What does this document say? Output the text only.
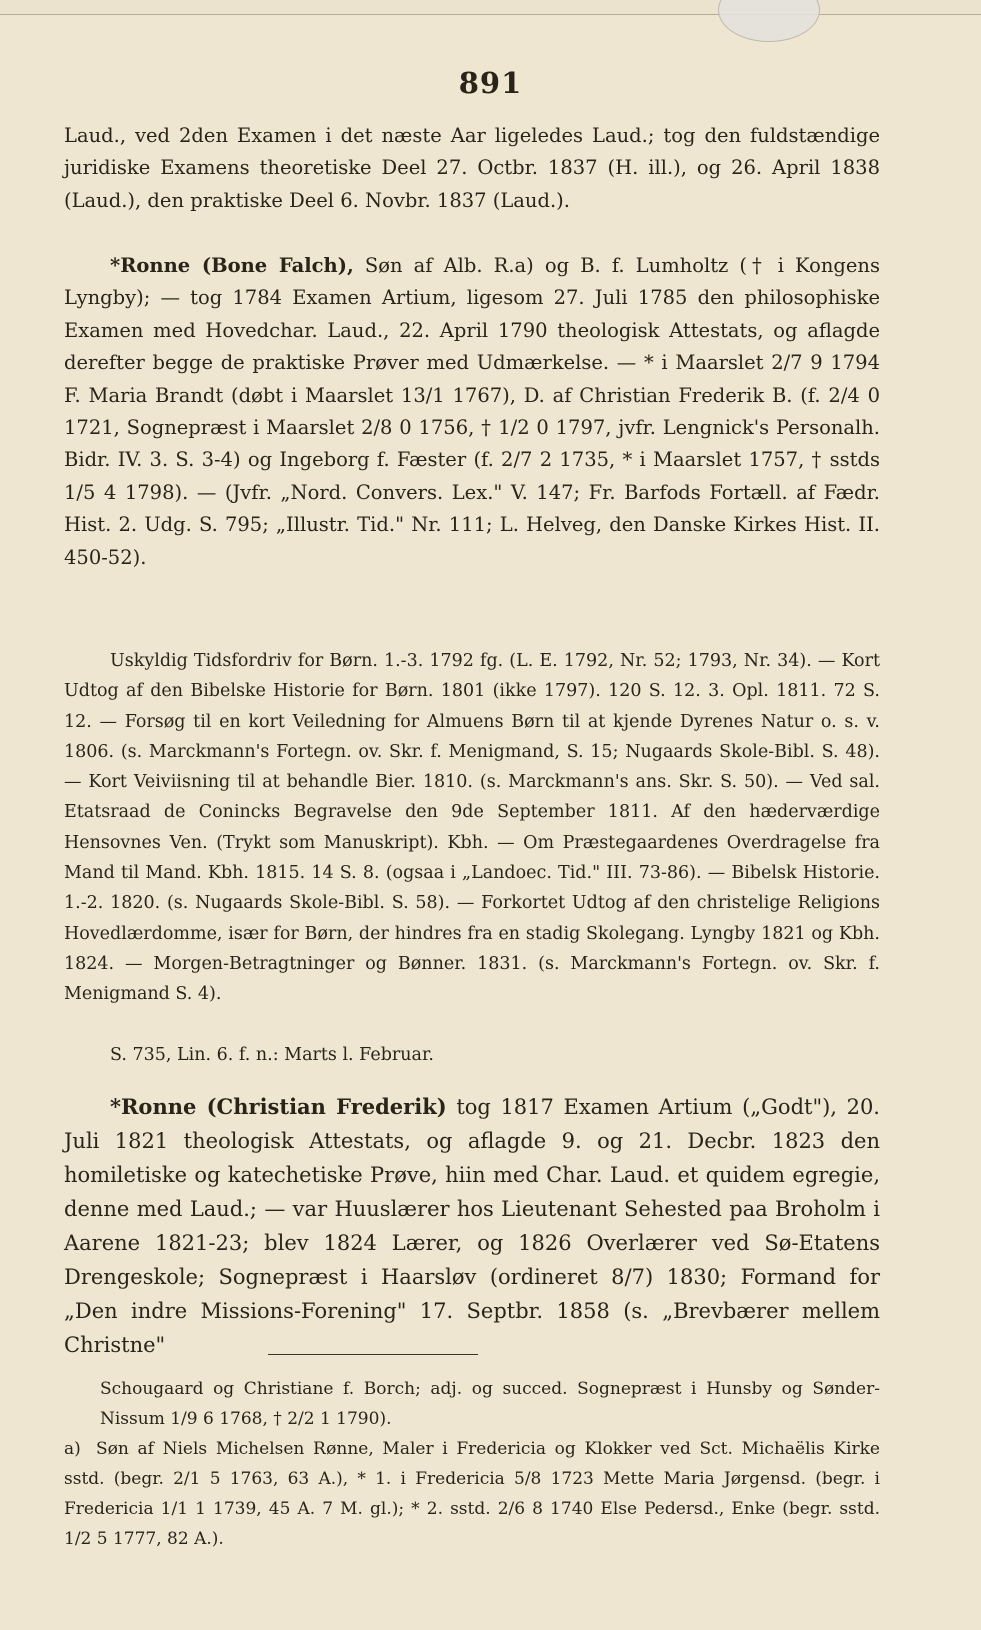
891

Laud., ved 2den Examen i det næste Aar ligeledes Laud.; tog den fuldstændige juridiske Examens theoretiske Deel 27. Octbr. 1837 (H. ill.), og 26. April 1838 (Laud.), den praktiske Deel 6. Novbr. 1837 (Laud.).

*Ronne (Bone Falch), Søn af Alb. R.a) og B. f. Lumholtz († i Kongens Lyngby); — tog 1784 Examen Artium, ligesom 27. Juli 1785 den philosophiske Examen med Hovedchar. Laud., 22. April 1790 theologisk Attestats, og aflagde derefter begge de praktiske Prøver med Udmærkelse. — * i Maarslet 2/7 9 1794 F. Maria Brandt (døbt i Maarslet 13/1 1767), D. af Christian Frederik B. (f. 2/4 0 1721, Sognepræst i Maarslet 2/8 0 1756, † 1/2 0 1797, jvfr. Lengnick's Personalh. Bidr. IV. 3. S. 3-4) og Ingeborg f. Fæster (f. 2/7 2 1735, * i Maarslet 1757, † sstds 1/5 4 1798). — (Jvfr. „Nord. Convers. Lex." V. 147; Fr. Barfods Fortæll. af Fædr. Hist. 2. Udg. S. 795; „Illustr. Tid." Nr. 111; L. Helveg, den Danske Kirkes Hist. II. 450-52).

Uskyldig Tidsfordriv for Børn. 1.-3. 1792 fg. (L. E. 1792, Nr. 52; 1793, Nr. 34). — Kort Udtog af den Bibelske Historie for Børn. 1801 (ikke 1797). 120 S. 12. 3. Opl. 1811. 72 S. 12. — Forsøg til en kort Veiledning for Almuens Børn til at kjende Dyrenes Natur o. s. v. 1806. (s. Marckmann's Fortegn. ov. Skr. f. Menigmand, S. 15; Nugaards Skole-Bibl. S. 48). — Kort Veiviisning til at behandle Bier. 1810. (s. Marckmann's ans. Skr. S. 50). — Ved sal. Etatsraad de Conincks Begravelse den 9de September 1811. Af den hæderværdige Hensovnes Ven. (Trykt som Manuskript). Kbh. — Om Præstegaardenes Overdragelse fra Mand til Mand. Kbh. 1815. 14 S. 8. (ogsaa i „Landoec. Tid." III. 73-86). — Bibelsk Historie. 1.-2. 1820. (s. Nugaards Skole-Bibl. S. 58). — Forkortet Udtog af den christelige Religions Hovedlærdomme, især for Børn, der hindres fra en stadig Skolegang. Lyngby 1821 og Kbh. 1824. — Morgen-Betragtninger og Bønner. 1831. (s. Marckmann's Fortegn. ov. Skr. f. Menigmand S. 4).

S. 735, Lin. 6. f. n.: Marts l. Februar.

*Ronne (Christian Frederik) tog 1817 Examen Artium („Godt"), 20. Juli 1821 theologisk Attestats, og aflagde 9. og 21. Decbr. 1823 den homiletiske og katechetiske Prøve, hiin med Char. Laud. et quidem egregie, denne med Laud.; — var Huuslærer hos Lieutenant Sehested paa Broholm i Aarene 1821-23; blev 1824 Lærer, og 1826 Overlærer ved Sø-Etatens Drengeskole; Sognepræst i Haarsløv (ordineret 8/7) 1830; Formand for „Den indre Missions-Forening" 17. Septbr. 1858 (s. „Brevbærer mellem Christne"

Schougaard og Christiane f. Borch; adj. og succed. Sognepræst i Hunsby og Sønder-Nissum 1/9 6 1768, † 2/2 1 1790).

a) Søn af Niels Michelsen Rønne, Maler i Fredericia og Klokker ved Sct. Michaëlis Kirke sstd. (begr. 2/1 5 1763, 63 A.), * 1. i Fredericia 5/8 1723 Mette Maria Jørgensd. (begr. i Fredericia 1/1 1 1739, 45 A. 7 M. gl.); * 2. sstd. 2/6 8 1740 Else Pedersd., Enke (begr. sstd. 1/2 5 1777, 82 A.).
